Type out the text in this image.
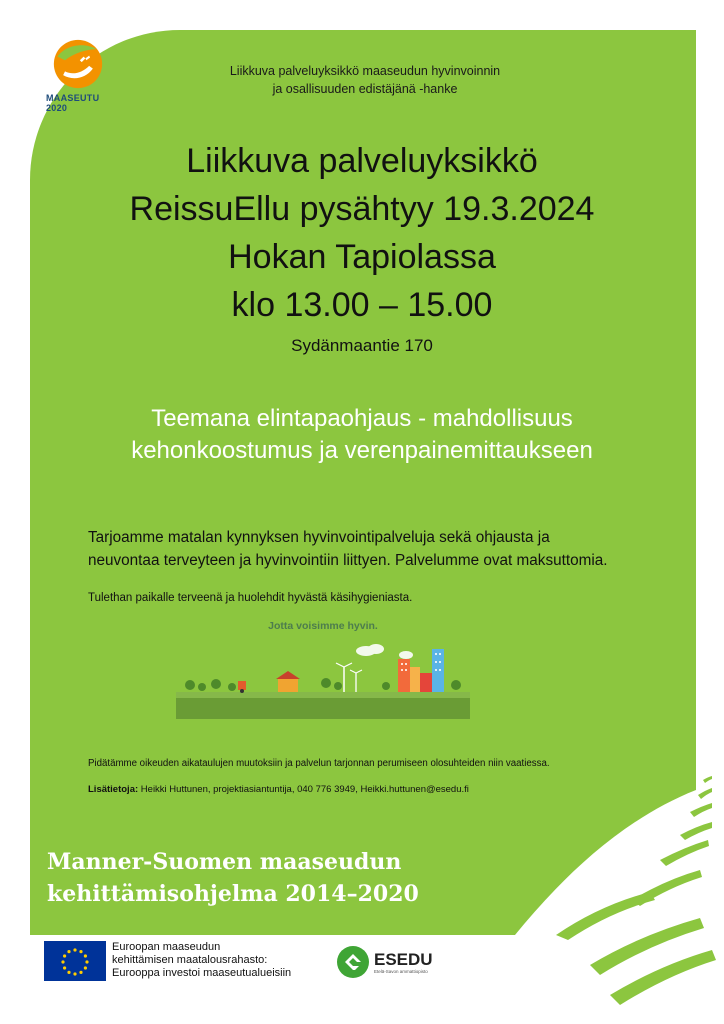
MAASEUTU 2020
Liikkuva palveluyksikkö maaseudun hyvinvoinnin
ja osallisuuden edistäjänä -hanke
Liikkuva palveluyksikkö
ReissuEllu pysähtyy 19.3.2024
Hokan Tapiolassa
klo 13.00 – 15.00
Sydänmaantie 170
Teemana elintapaohjaus - mahdollisuus
kehonkoostumus ja verenpainemittaukseen
Tarjoamme matalan kynnyksen hyvinvointipalveluja sekä ohjausta ja
neuvontaa terveyteen ja hyvinvointiin liittyen. Palvelumme ovat maksuttomia.
Tulethan paikalle terveenä ja huolehdit hyvästä käsihygieniasta.
Jotta voisimme hyvin.
Pidätämme oikeuden aikataulujen muutoksiin ja palvelun tarjonnan perumiseen olosuhteiden niin vaatiessa.
Lisätietoja: Heikki Huttunen, projektiasiantuntija, 040 776 3949, Heikki.huttunen@esedu.fi
Manner-Suomen maaseudun
kehittämisohjelma 2014–2020
Euroopan maaseudun
kehittämisen maatalousrahasto:
Eurooppa investoi maaseutualueisiin
ESEDU
Etelä-Savon ammattiopisto
